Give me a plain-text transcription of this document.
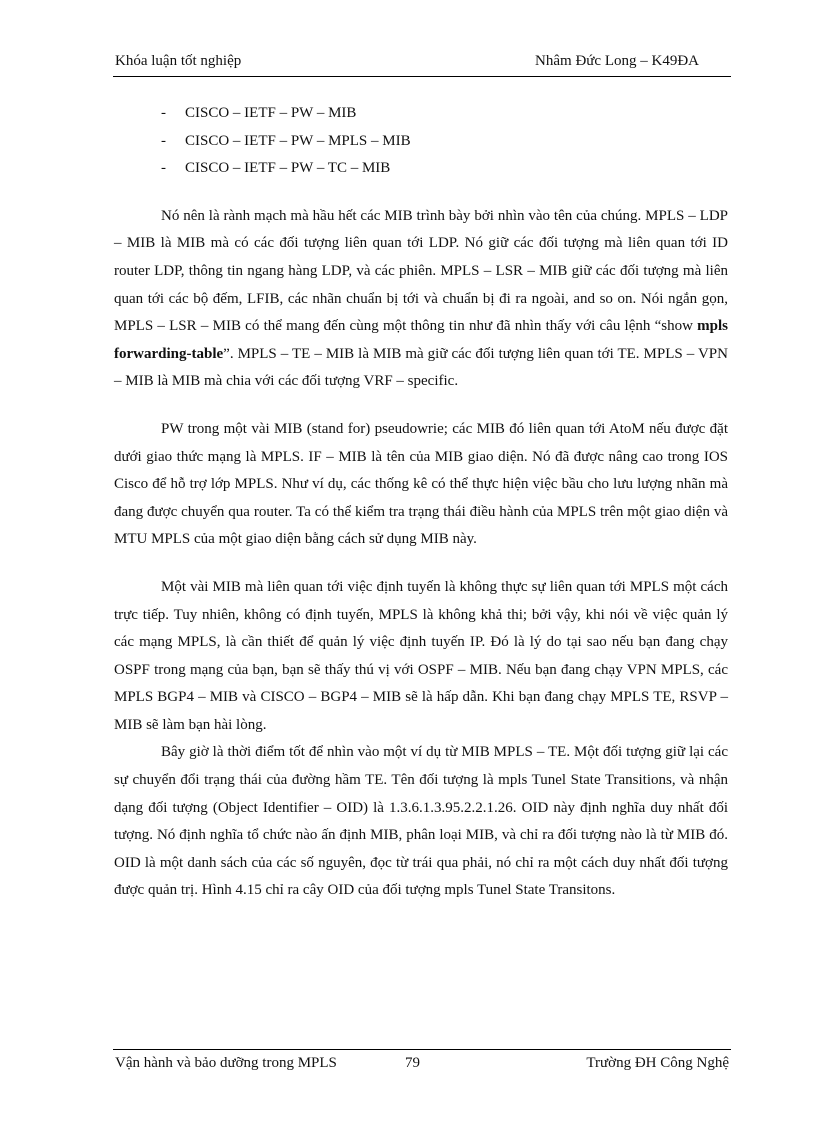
Khóa luận tốt nghiệp	Nhâm Đức Long – K49ĐA
- CISCO – IETF – PW – MIB
- CISCO – IETF – PW – MPLS – MIB
- CISCO – IETF – PW – TC – MIB

Nó nên là rành mạch mà hầu hết các MIB trình bày bởi nhìn vào tên của chúng. MPLS – LDP – MIB là MIB mà có các đối tượng liên quan tới LDP. Nó giữ các đối tượng mà liên quan tới ID router LDP, thông tin ngang hàng LDP, và các phiên. MPLS – LSR – MIB giữ các đối tượng mà liên quan tới các bộ đếm, LFIB, các nhãn chuẩn bị tới và chuẩn bị đi ra ngoài, and so on. Nói ngắn gọn, MPLS – LSR – MIB có thể mang đến cùng một thông tin như đã nhìn thấy với câu lệnh “show mpls forwarding-table”. MPLS – TE – MIB là MIB mà giữ các đối tượng liên quan tới TE. MPLS – VPN – MIB là MIB mà chia với các đối tượng VRF – specific.

PW trong một vài MIB (stand for) pseudowrie; các MIB đó liên quan tới AtoM nếu được đặt dưới giao thức mạng là MPLS. IF – MIB là tên của MIB giao diện. Nó đã được nâng cao trong IOS Cisco để hỗ trợ lớp MPLS. Như ví dụ, các thống kê có thể thực hiện việc bầu cho lưu lượng nhãn mà đang được chuyển qua router. Ta có thể kiểm tra trạng thái điều hành của MPLS trên một giao diện và MTU MPLS của một giao diện bằng cách sử dụng MIB này.

Một vài MIB mà liên quan tới việc định tuyến là không thực sự liên quan tới MPLS một cách trực tiếp. Tuy nhiên, không có định tuyến, MPLS là không khả thi; bởi vậy, khi nói về việc quản lý các mạng MPLS, là cần thiết để quản lý việc định tuyến IP. Đó là lý do tại sao nếu bạn đang chạy OSPF trong mạng của bạn, bạn sẽ thấy thú vị với OSPF – MIB. Nếu bạn đang chạy VPN MPLS, các MPLS BGP4 – MIB và CISCO – BGP4 – MIB sẽ là hấp dẫn. Khi bạn đang chạy MPLS TE, RSVP – MIB sẽ làm bạn hài lòng.

Bây giờ là thời điểm tốt để nhìn vào một ví dụ từ MIB MPLS – TE. Một đối tượng giữ lại các sự chuyển đổi trạng thái của đường hầm TE. Tên đối tượng là mpls Tunel State Transitions, và nhận dạng đối tượng (Object Identifier – OID) là 1.3.6.1.3.95.2.2.1.26. OID này định nghĩa duy nhất đối tượng. Nó định nghĩa tổ chức nào ấn định MIB, phân loại MIB, và chỉ ra đối tượng nào là từ MIB đó. OID là một danh sách của các số nguyên, đọc từ trái qua phải, nó chỉ ra một cách duy nhất đối tượng được quản trị. Hình 4.15 chỉ ra cây OID của đối tượng mpls Tunel State Transitons.

Vận hành và bảo dưỡng trong MPLS	79	Trường ĐH Công Nghệ
